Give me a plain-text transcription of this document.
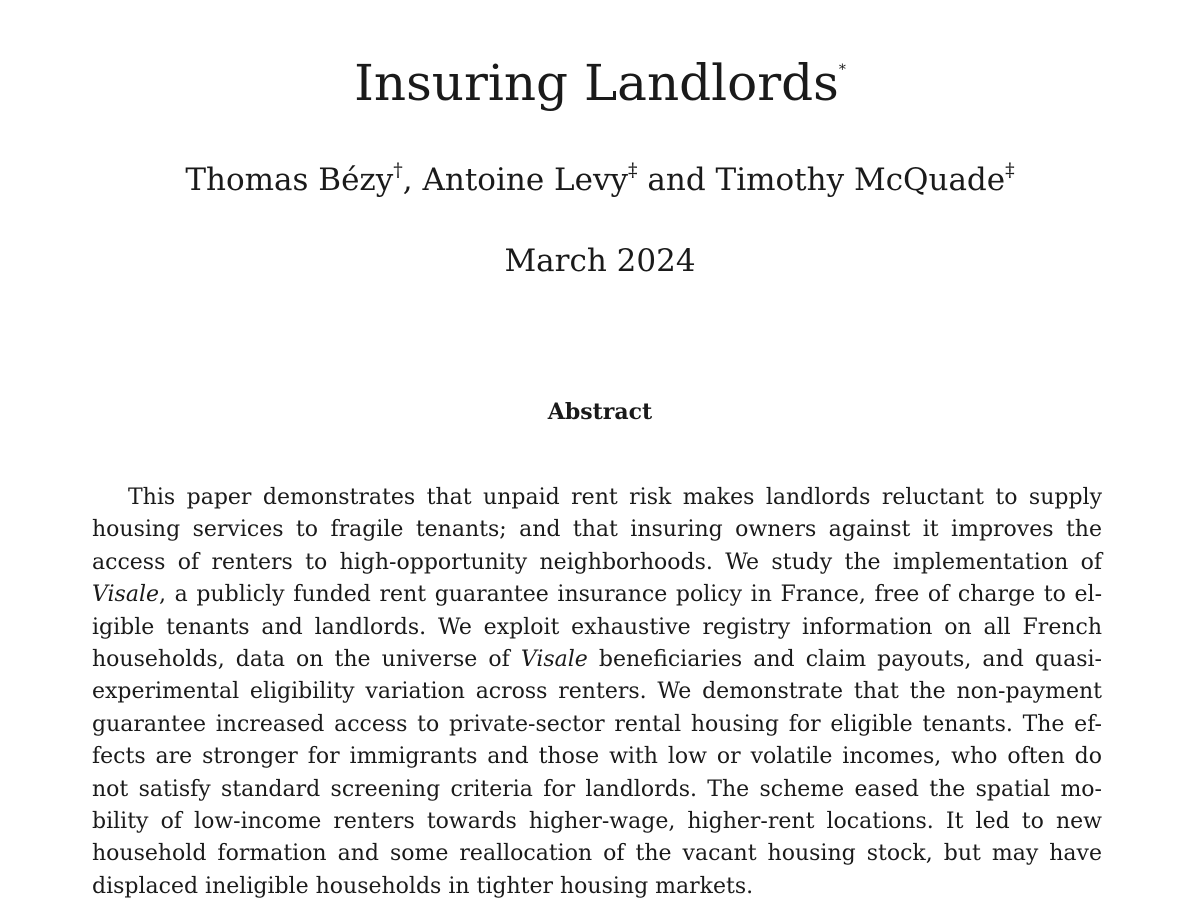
Insuring Landlords*
Thomas Bézy†, Antoine Levy‡ and Timothy McQuade‡
March 2024
Abstract
This paper demonstrates that unpaid rent risk makes landlords reluctant to supply
housing services to fragile tenants; and that insuring owners against it improves the
access of renters to high-opportunity neighborhoods. We study the implementation of
Visale, a publicly funded rent guarantee insurance policy in France, free of charge to el-
igible tenants and landlords. We exploit exhaustive registry information on all French
households, data on the universe of Visale beneficiaries and claim payouts, and quasi-
experimental eligibility variation across renters. We demonstrate that the non-payment
guarantee increased access to private-sector rental housing for eligible tenants. The ef-
fects are stronger for immigrants and those with low or volatile incomes, who often do
not satisfy standard screening criteria for landlords. The scheme eased the spatial mo-
bility of low-income renters towards higher-wage, higher-rent locations. It led to new
household formation and some reallocation of the vacant housing stock, but may have
displaced ineligible households in tighter housing markets.
